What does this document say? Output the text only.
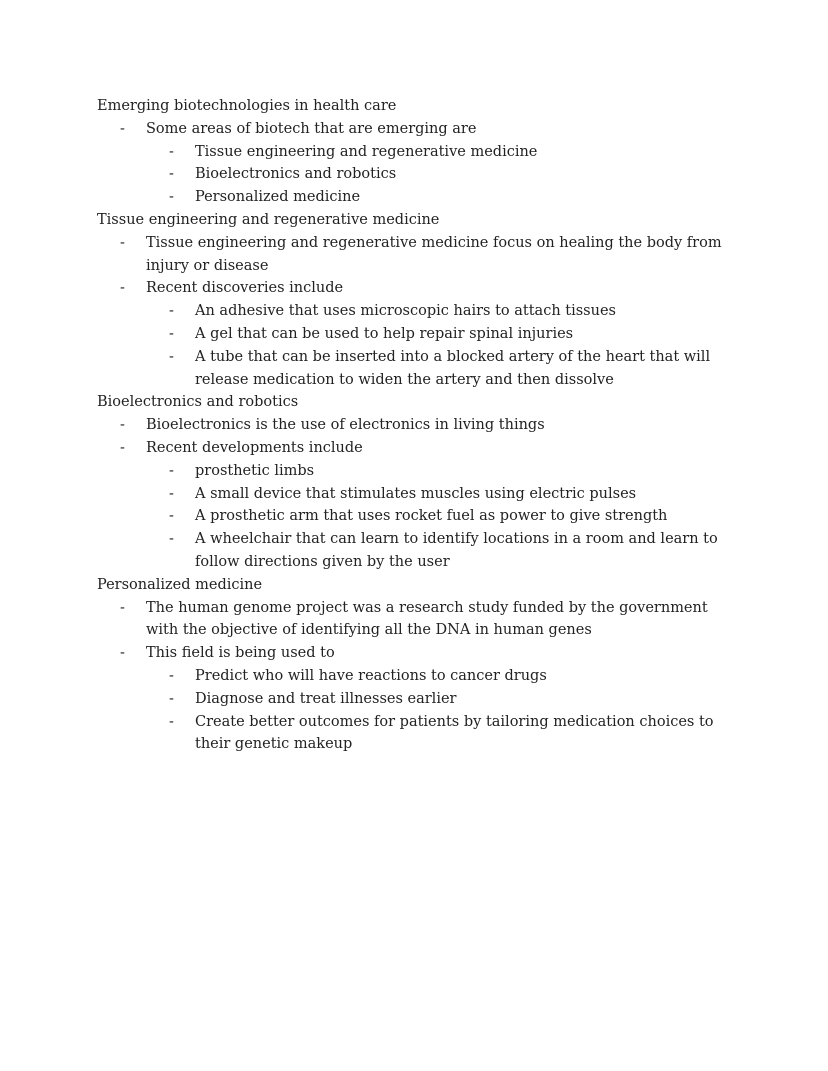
Emerging biotechnologies in health care
-	Some areas of biotech that are emerging are
-	Tissue engineering and regenerative medicine
-	Bioelectronics and robotics
-	Personalized medicine
Tissue engineering and regenerative medicine
-	Tissue engineering and regenerative medicine focus on healing the body from injury or disease
-	Recent discoveries include
-	An adhesive that uses microscopic hairs to attach tissues
-	A gel that can be used to help repair spinal injuries
-	A tube that can be inserted into a blocked artery of the heart that will release medication to widen the artery and then dissolve
Bioelectronics and robotics
-	Bioelectronics is the use of electronics in living things
-	Recent developments include
-	prosthetic limbs
-	A small device that stimulates muscles using electric pulses
-	A prosthetic arm that uses rocket fuel as power to give strength
-	A wheelchair that can learn to identify locations in a room and learn to follow directions given by the user
Personalized medicine
-	The human genome project was a research study funded by the government with the objective of identifying all the DNA in human genes
-	This field is being used to
-	Predict who will have reactions to cancer drugs
-	Diagnose and treat illnesses earlier
-	Create better outcomes for patients by tailoring medication choices to their genetic makeup
